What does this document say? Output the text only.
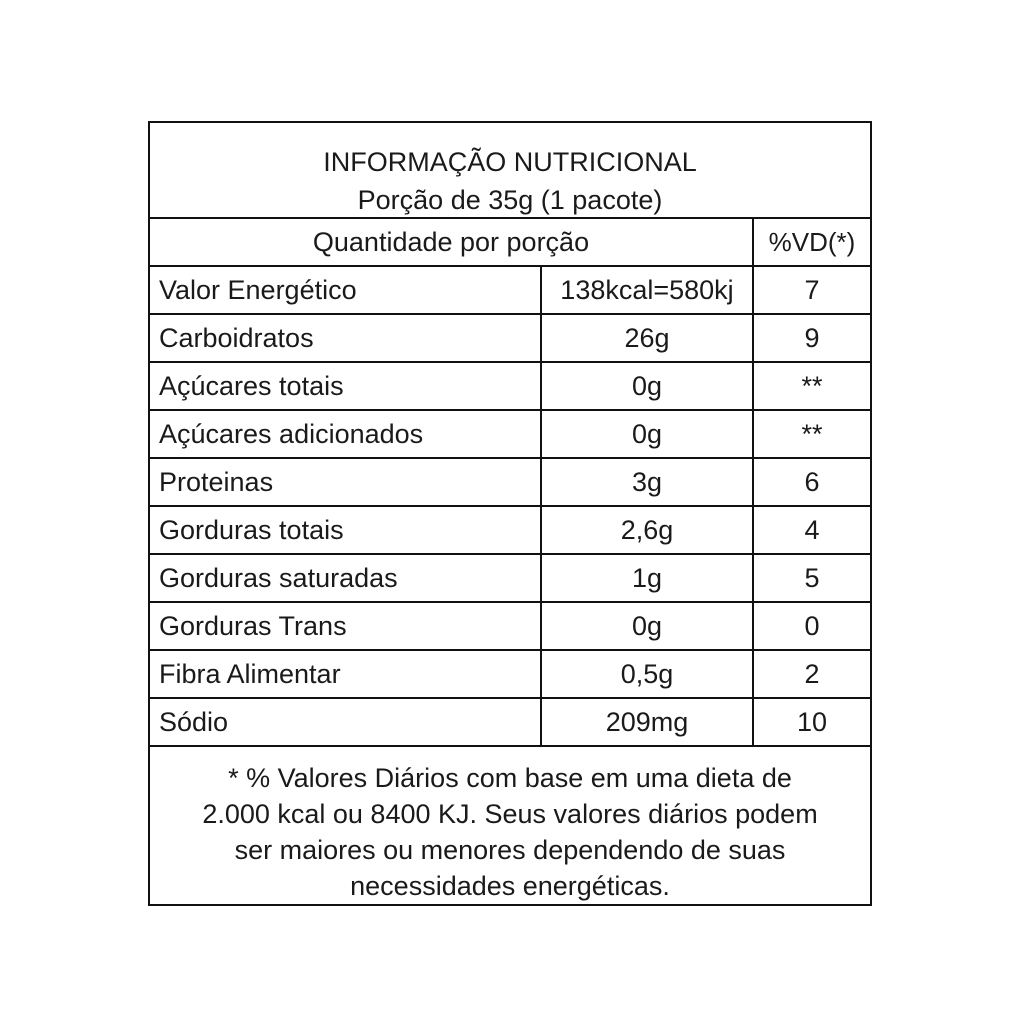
INFORMAÇÃO NUTRICIONAL
Porção de 35g (1 pacote)
Quantidade por porção	%VD(*)
Valor Energético	138kcal=580kj	7
Carboidratos	26g	9
Açúcares totais	0g	**
Açúcares adicionados	0g	**
Proteinas	3g	6
Gorduras totais	2,6g	4
Gorduras saturadas	1g	5
Gorduras Trans	0g	0
Fibra Alimentar	0,5g	2
Sódio	209mg	10
* % Valores Diários com base em uma dieta de
2.000 kcal ou 8400 KJ. Seus valores diários podem
ser maiores ou menores dependendo de suas
necessidades energéticas.
